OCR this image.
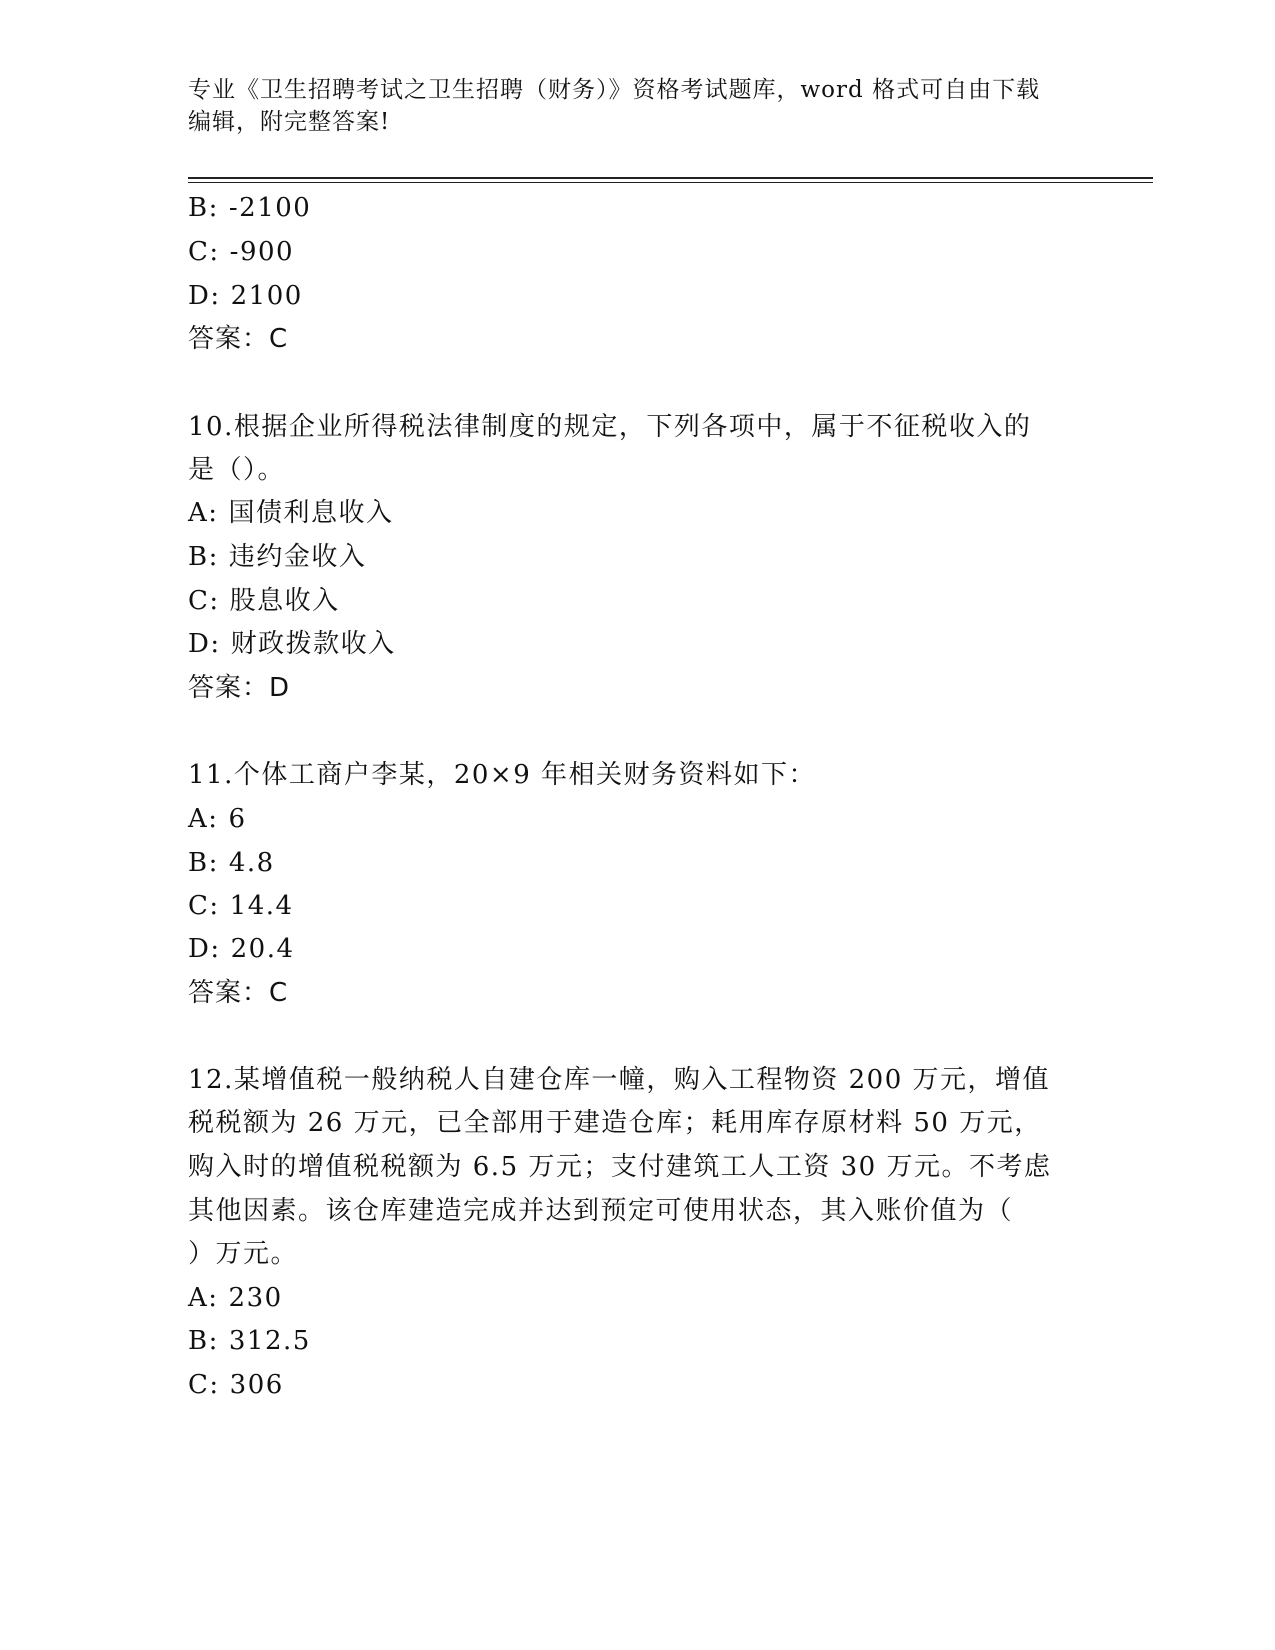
专业《卫生招聘考试之卫生招聘（财务）》资格考试题库，word 格式可自由下载
编辑，附完整答案!
B: -2100
C: -900
D: 2100
答案：C
10.根据企业所得税法律制度的规定，下列各项中，属于不征税收入的
是（）。
A: 国债利息收入
B: 违约金收入
C: 股息收入
D: 财政拨款收入
答案：D
11.个体工商户李某，20×9 年相关财务资料如下：
A: 6
B: 4.8
C: 14.4
D: 20.4
答案：C
12.某增值税一般纳税人自建仓库一幢，购入工程物资 200 万元，增值
税税额为 26 万元，已全部用于建造仓库；耗用库存原材料 50 万元，
购入时的增值税税额为 6.5 万元；支付建筑工人工资 30 万元。不考虑
其他因素。该仓库建造完成并达到预定可使用状态，其入账价值为（
）万元。
A: 230
B: 312.5
C: 306
